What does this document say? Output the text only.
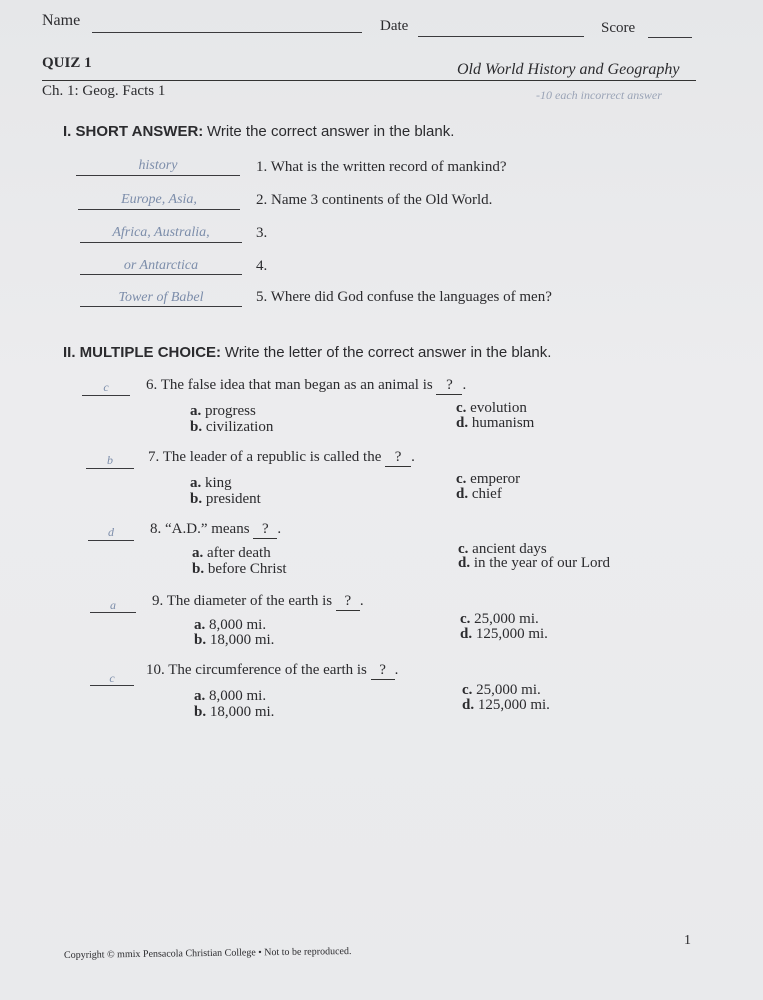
Name	Date	Score
QUIZ 1	Old World History and Geography
Ch. 1: Geog. Facts 1	-10 each incorrect answer
I. SHORT ANSWER: Write the correct answer in the blank.
history	1. What is the written record of mankind?
Europe, Asia,	2. Name 3 continents of the Old World.
Africa, Australia,	3.
or Antarctica	4.
Tower of Babel	5. Where did God confuse the languages of men?
II. MULTIPLE CHOICE: Write the letter of the correct answer in the blank.
c	6. The false idea that man began as an animal is ? .
a. progress
b. civilization
c. evolution
d. humanism
b	7. The leader of a republic is called the ? .
a. king
b. president
c. emperor
d. chief
d	8. “A.D.” means ? .
a. after death
b. before Christ
c. ancient days
d. in the year of our Lord
a	9. The diameter of the earth is ? .
a. 8,000 mi.
b. 18,000 mi.
c. 25,000 mi.
d. 125,000 mi.
c	10. The circumference of the earth is ? .
a. 8,000 mi.
b. 18,000 mi.
c. 25,000 mi.
d. 125,000 mi.
1
Copyright © mmix Pensacola Christian College • Not to be reproduced.
